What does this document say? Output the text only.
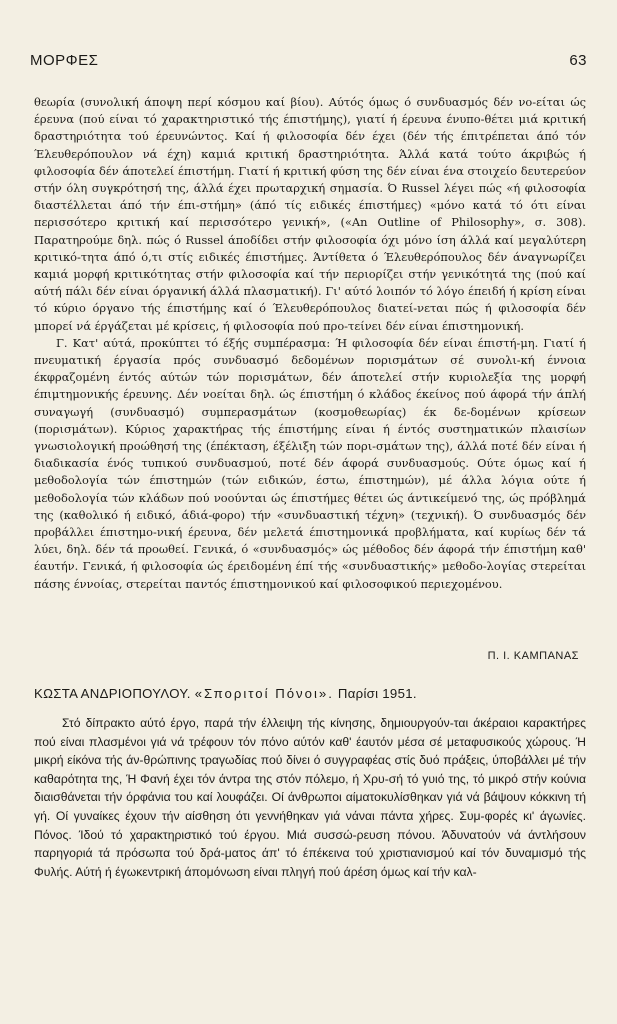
ΜΟΡΦΕΣ	63

θεωρία (συνολική άποψη περί κόσμου καί βίου). Αύτός όμως ό συνδυασμός δέν νο-είται ώς έρευνα (πού είναι τό χαρακτηριστικό τής έπιστήμης), γιατί ή έρευνα ένυπο-θέτει μιά κριτική δραστηριότητα τού έρευνώντος. Καί ή φιλοσοφία δέν έχει (δέν τής έπιτρέπεται άπό τόν Έλευθερόπουλον νά έχη) καμιά κριτική δραστηριότητα. Άλλά κατά τούτο άκριβώς ή φιλοσοφία δέν άποτελεί έπιστήμη. Γιατί ή κριτική φύση της δέν είναι ένα στοιχείο δευτερεύον στήν όλη συγκρότησή της, άλλά έχει πρωταρχική σημασία. Ό Russel λέγει πώς «ή φιλοσοφία διαστέλλεται άπό τήν έπι-στήμη» (άπό τίς ειδικές έπιστήμες) «μόνο κατά τό ότι είναι περισσότερο κριτική καί περισσότερο γενική», («An Outline of Philosophy», σ. 308). Παρατηρούμε δηλ. πώς ό Russel άποδίδει στήν φιλοσοφία όχι μόνο ίση άλλά καί μεγαλύτερη κριτικό-τητα άπό ό,τι στίς ειδικές έπιστήμες. Άντίθετα ό Έλευθερόπουλος δέν άναγνωρίζει καμιά μορφή κριτικότητας στήν φιλοσοφία καί τήν περιορίζει στήν γενικότητά της (πού καί αύτή πάλι δέν είναι όργανική άλλά πλασματική). Γι' αύτό λοιπόν τό λόγο έπειδή ή κρίση είναι τό κύριο όργανο τής έπιστήμης καί ό Έλευθερόπουλος διατεί-νεται πώς ή φιλοσοφία δέν μπορεί νά έργάζεται μέ κρίσεις, ή φιλοσοφία πού προ-τείνει δέν είναι έπιστημονική.

Γ. Κατ' αύτά, προκύπτει τό έξής συμπέρασμα: Ή φιλοσοφία δέν είναι έπιστή-μη. Γιατί ή πνευματική έργασία πρός συνδυασμό δεδομένων πορισμάτων σέ συνολι-κή έννοια έκφραζομένη έντός αύτών τών πορισμάτων, δέν άποτελεί στήν κυριολεξία της μορφή έπιμτημονικής έρευνης. Δέν νοείται δηλ. ώς έπιστήμη ό κλάδος έκείνος πού άφορά τήν άπλή συναγωγή (συνδυασμό) συμπερασμάτων (κοσμοθεωρίας) έκ δε-δομένων κρίσεων (πορισμάτων). Κύριος χαρακτήρας τής έπιστήμης είναι ή έντός συστηματικών πλαισίων γνωσιολογική προώθησή της (έπέκταση, έξέλιξη τών πορι-σμάτων της), άλλά ποτέ δέν είναι ή διαδικασία ένός τυπικού συνδυασμού, ποτέ δέν άφορά συνδυασμούς. Ούτε όμως καί ή μεθοδολογία τών έπιστημών (τών ειδικών, έστω, έπιστημών), μέ άλλα λόγια ούτε ή μεθοδολογία τών κλάδων πού νοούνται ώς έπιστήμες θέτει ώς άντικείμενό της, ώς πρόβλημά της (καθολικό ή ειδικό, άδιά-φορο) τήν «συνδυαστική τέχνη» (τεχνική). Ό συνδυασμός δέν προβάλλει έπιστημο-νική έρευνα, δέν μελετά έπιστημονικά προβλήματα, καί κυρίως δέν τά λύει, δηλ. δέν τά προωθεί. Γενικά, ό «συνδυασμός» ώς μέθοδος δέν άφορά τήν έπιστήμη καθ' έαυτήν. Γενικά, ή φιλοσοφία ώς έρειδομένη έπί τής «συνδυαστικής» μεθοδο-λογίας στερείται πάσης έννοίας, στερείται παντός έπιστημονικού καί φιλοσοφικού περιεχομένου.

Π. Ι. ΚΑΜΠΑΝΑΣ
ΚΩΣΤΑ ΑΝΔΡΙΟΠΟΥΛΟΥ. «Σποριτοί Πόνοι». Παρίσι 1951.

Στό δίπρακτο αύτό έργο, παρά τήν έλλειψη τής κίνησης, δημιουργούν-ται άκέραιοι καρακτήρες πού είναι πλασμένοι γιά νά τρέφουν τόν πόνο αύτόν καθ' έαυτόν μέσα σέ μεταφυσικούς χώρους. Ή μικρή είκόνα τής άν-θρώπινης τραγωδίας πού δίνει ό συγγραφέας στίς δυό πράξεις, ύποβάλλει μέ τήν καθαρότητα της, Ή Φανή έχει τόν άντρα της στόν πόλεμο, ή Χρυ-σή τό γυιό της, τό μικρό στήν κούνια διαισθάνεται τήν όρφάνια του καί λουφάζει. Οί άνθρωποι αίματοκυλίσθηκαν γιά νά βάψουν κόκκινη τή γή. Οί γυναίκες έχουν τήν αίσθηση ότι γεννήθηκαν γιά νάναι πάντα χήρες. Συμ-φορές κι' άγωνίες. Πόνος. Ίδού τό χαρακτηριστικό τού έργου. Μιά συσσώ-ρευση πόνου. Άδυνατούν νά άντλήσουν παρηγοριά τά πρόσωπα τού δρά-ματος άπ' τό έπέκεινα τού χριστιανισμού καί τόν δυναμισμό τής Φυλής. Αύτή ή έγωκεντρική άπομόνωση είναι πληγή πού άρέση όμως καί τήν καλ-
